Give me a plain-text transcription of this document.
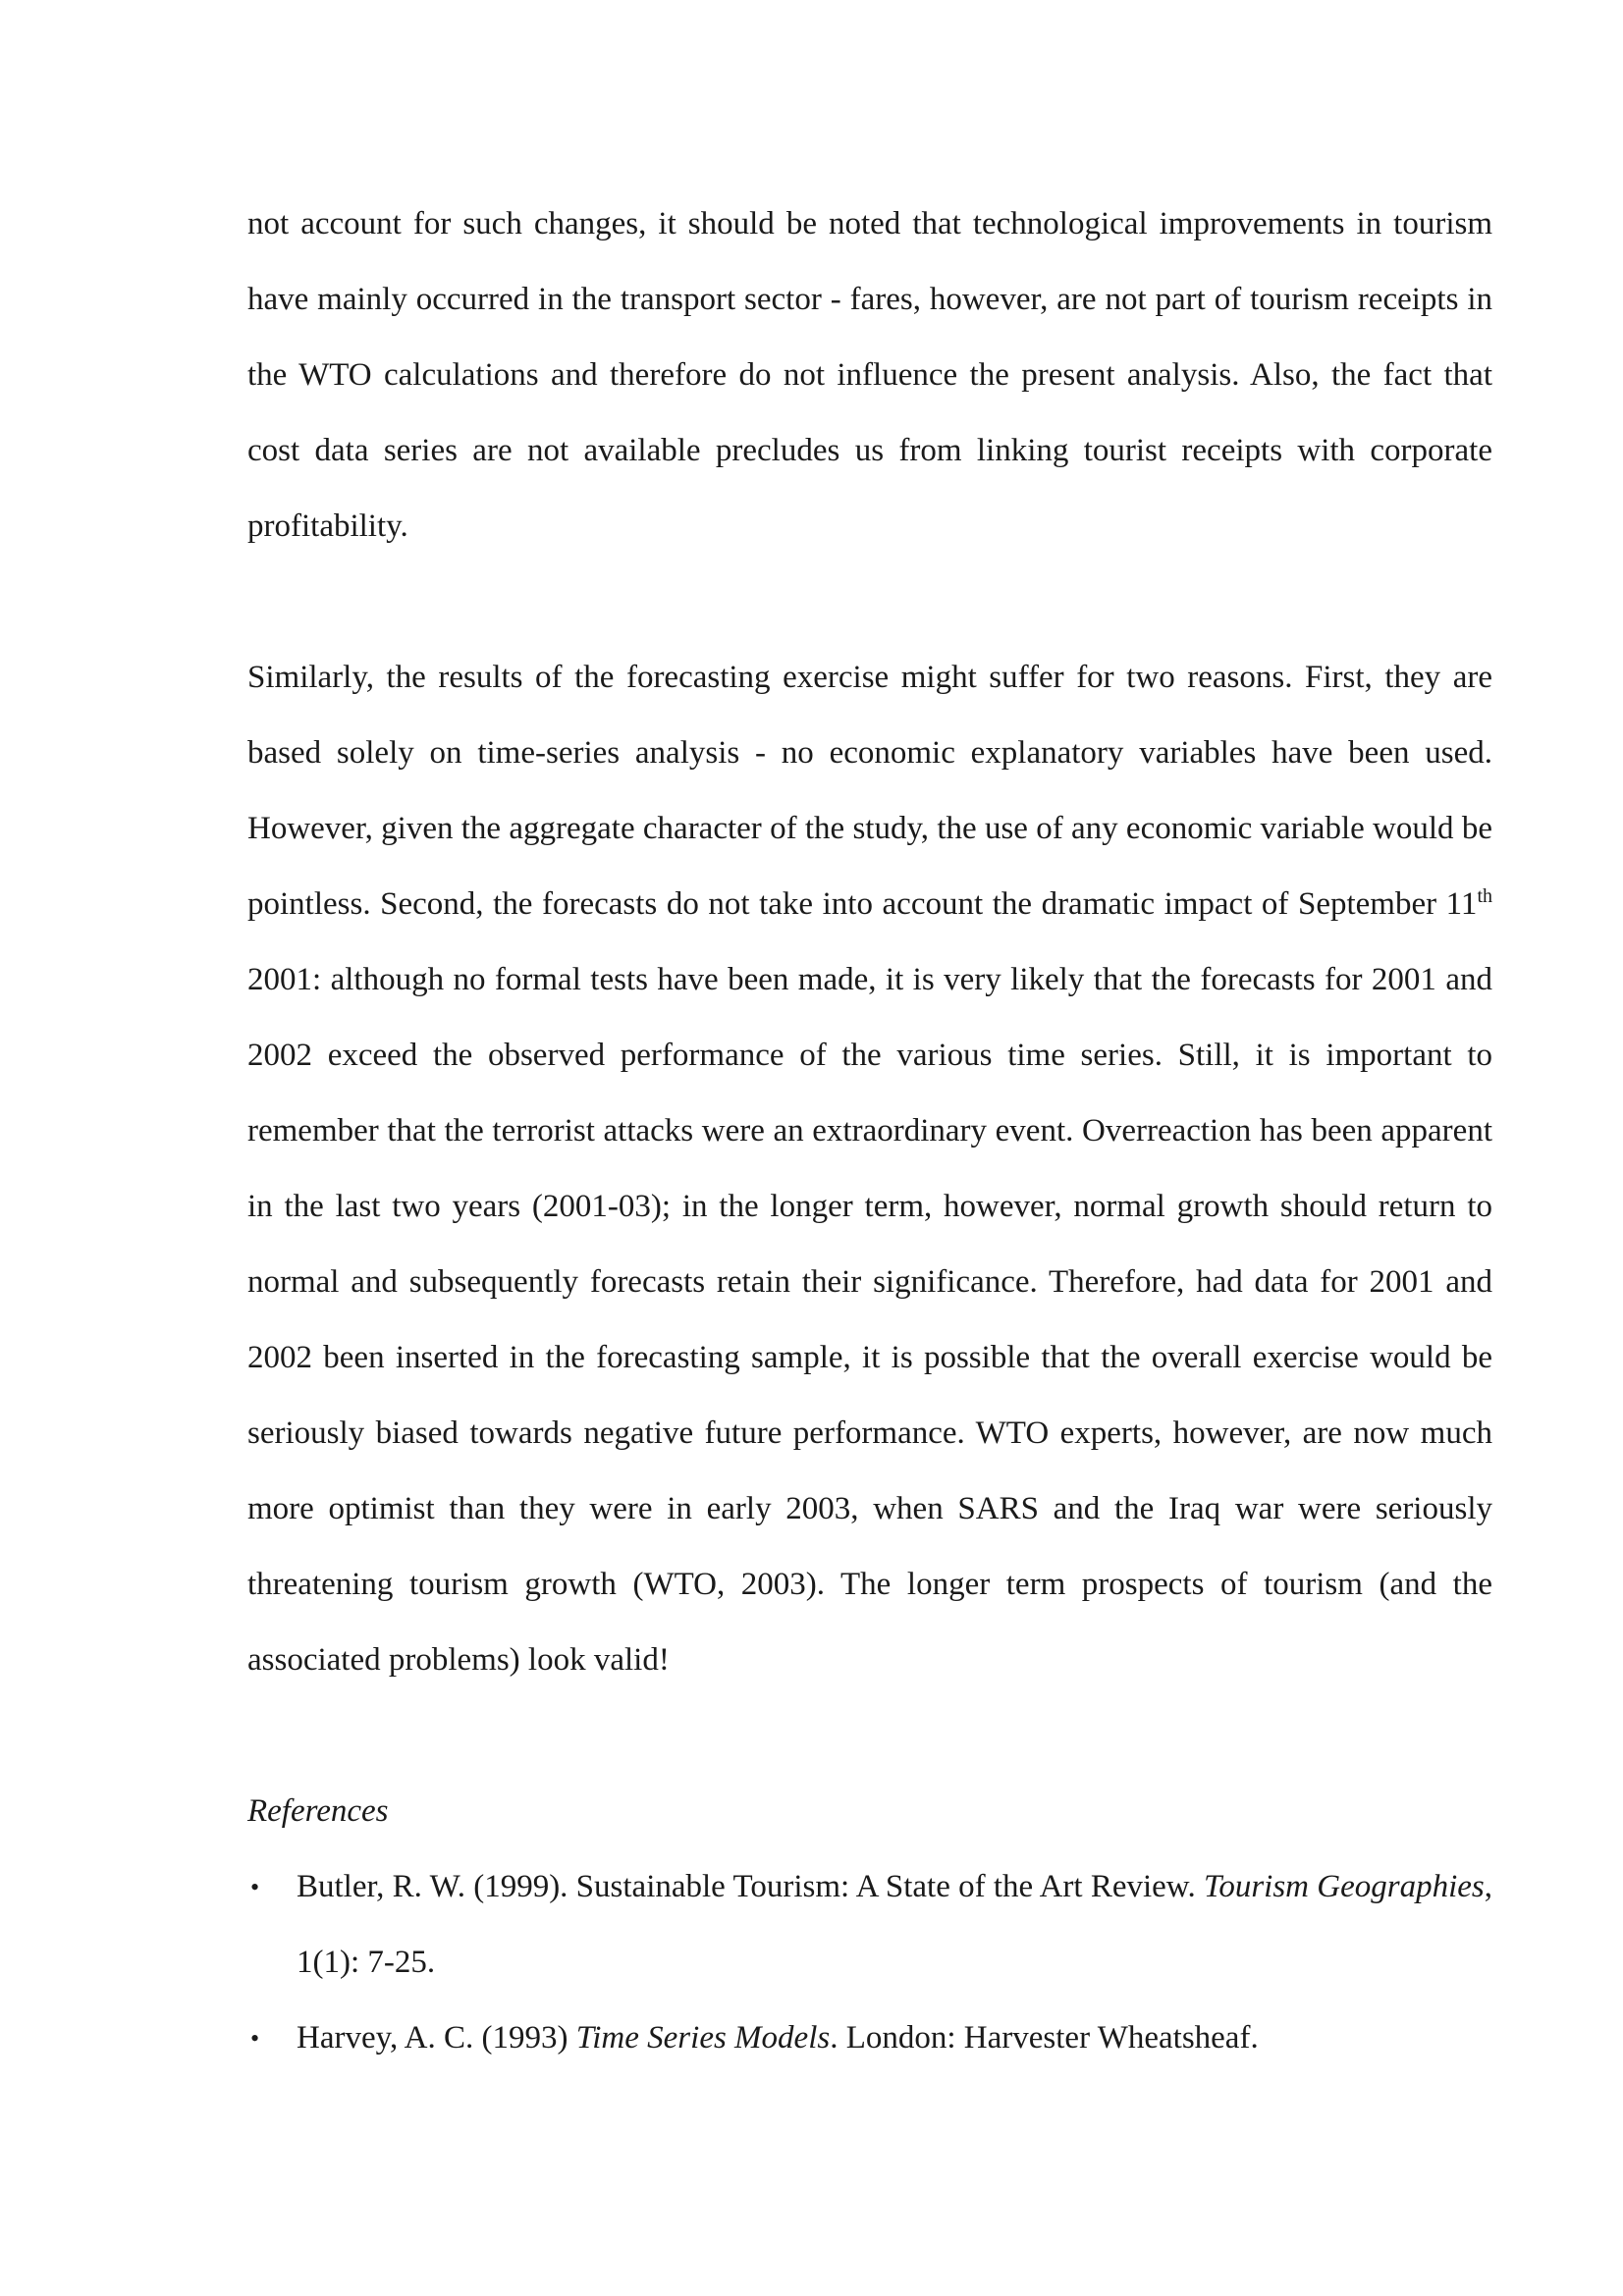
not account for such changes, it should be noted that technological improvements in tourism have mainly occurred in the transport sector - fares, however, are not part of tourism receipts in the WTO calculations and therefore do not influence the present analysis. Also, the fact that cost data series are not available precludes us from linking tourist receipts with corporate profitability.

Similarly, the results of the forecasting exercise might suffer for two reasons. First, they are based solely on time-series analysis - no economic explanatory variables have been used. However, given the aggregate character of the study, the use of any economic variable would be pointless. Second, the forecasts do not take into account the dramatic impact of September 11th 2001: although no formal tests have been made, it is very likely that the forecasts for 2001 and 2002 exceed the observed performance of the various time series. Still, it is important to remember that the terrorist attacks were an extraordinary event. Overreaction has been apparent in the last two years (2001-03); in the longer term, however, normal growth should return to normal and subsequently forecasts retain their significance. Therefore, had data for 2001 and 2002 been inserted in the forecasting sample, it is possible that the overall exercise would be seriously biased towards negative future performance. WTO experts, however, are now much more optimist than they were in early 2003, when SARS and the Iraq war were seriously threatening tourism growth (WTO, 2003). The longer term prospects of tourism (and the associated problems) look valid!

References
• Butler, R. W. (1999). Sustainable Tourism: A State of the Art Review. Tourism Geographies, 1(1): 7-25.
• Harvey, A. C. (1993) Time Series Models. London: Harvester Wheatsheaf.
